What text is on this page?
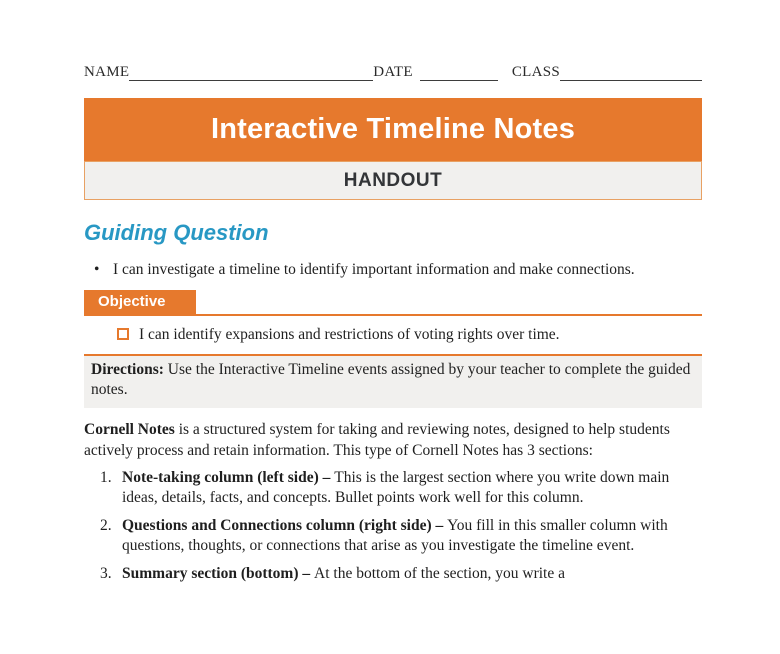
NAME	DATE	CLASS
Interactive Timeline Notes
HANDOUT
Guiding Question
• I can investigate a timeline to identify important information and make connections.
Objective
I can identify expansions and restrictions of voting rights over time.
Directions: Use the Interactive Timeline events assigned by your teacher to complete the guided notes.

Cornell Notes is a structured system for taking and reviewing notes, designed to help students actively process and retain information. This type of Cornell Notes has 3 sections:

1. Note-taking column (left side) – This is the largest section where you write down main ideas, details, facts, and concepts. Bullet points work well for this column.
2. Questions and Connections column (right side) – You fill in this smaller column with questions, thoughts, or connections that arise as you investigate the timeline event.
3. Summary section (bottom) – At the bottom of the section, you write a
